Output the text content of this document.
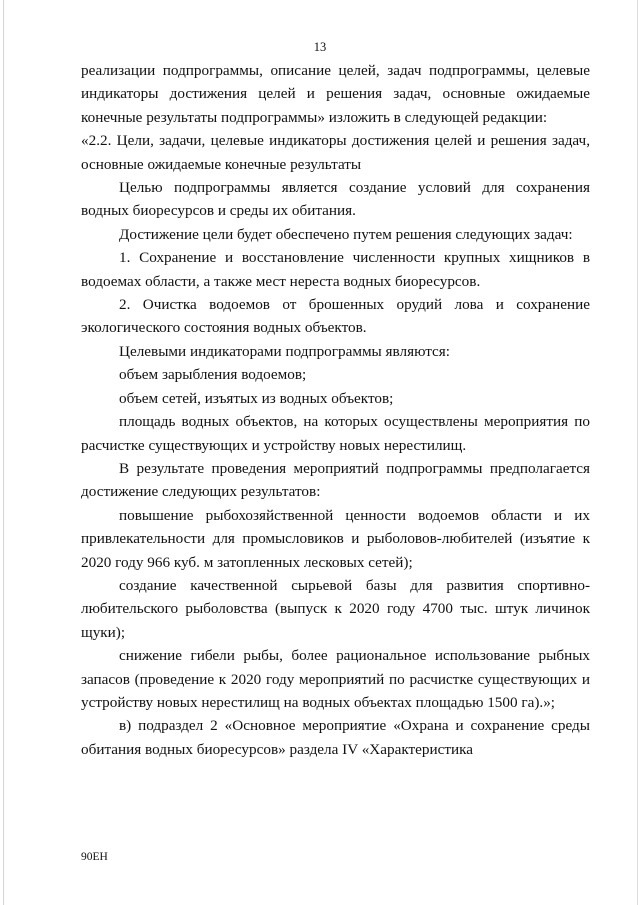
13

реализации подпрограммы, описание целей, задач подпрограммы, целевые индикаторы достижения целей и решения задач, основные ожидаемые конечные результаты подпрограммы» изложить в следующей редакции:

«2.2. Цели, задачи, целевые индикаторы достижения целей и решения задач, основные ожидаемые конечные результаты

Целью подпрограммы является создание условий для сохранения водных биоресурсов и среды их обитания.

Достижение цели будет обеспечено путем решения следующих задач:

1. Сохранение и восстановление численности крупных хищников в водоемах области, а также мест нереста водных биоресурсов.

2. Очистка водоемов от брошенных орудий лова и сохранение экологического состояния водных объектов.

Целевыми индикаторами подпрограммы являются:

объем зарыбления водоемов;

объем сетей, изъятых из водных объектов;

площадь водных объектов, на которых осуществлены мероприятия по расчистке существующих и устройству новых нерестилищ.

В результате проведения мероприятий подпрограммы предполагается достижение следующих результатов:

повышение рыбохозяйственной ценности водоемов области и их привлекательности для промысловиков и рыболовов-любителей (изъятие к 2020 году 966 куб. м затопленных лесковых сетей);

создание качественной сырьевой базы для развития спортивно-любительского рыболовства (выпуск к 2020 году 4700 тыс. штук личинок щуки);

снижение гибели рыбы, более рациональное использование рыбных запасов (проведение к 2020 году мероприятий по расчистке существующих и устройству новых нерестилищ на водных объектах площадью 1500 га).»;

в) подраздел 2 «Основное мероприятие «Охрана и сохранение среды обитания водных биоресурсов» раздела IV «Характеристика

90EH
